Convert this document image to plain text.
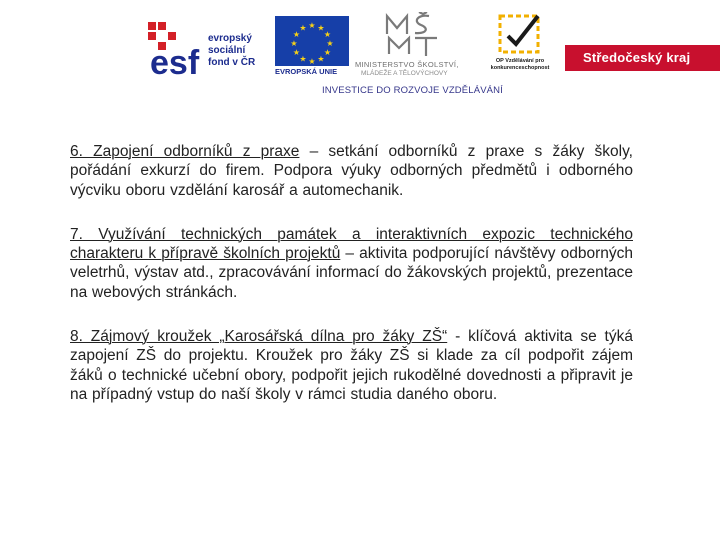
esf
evropský
sociální
fond v ČR
★ ★
★
★
★
★
★
★
★
★
★
★
EVROPSKÁ UNIE
MINISTERSTVO ŠKOLSTVÍ,
MLÁDEŽE A TĚLOVÝCHOVY
OP Vzdělávání pro konkurenceschopnost
Středočeský kraj
INVESTICE DO ROZVOJE VZDĚLÁVÁNÍ

6. Zapojení odborníků z praxe – setkání odborníků z praxe s žáky školy, pořádání exkurzí do firem. Podpora výuky odborných předmětů i odborného výcviku oboru vzdělání karosář a automechanik.

7. Využívání technických památek a interaktivních expozic technického charakteru k přípravě školních projektů – aktivita podporující návštěvy odborných veletrhů, výstav atd., zpracovávání informací do žákovských projektů, prezentace na webových stránkách.

8. Zájmový kroužek „Karosářská dílna pro žáky ZŠ“ - klíčová aktivita se týká zapojení ZŠ do projektu. Kroužek pro žáky ZŠ si klade za cíl podpořit zájem žáků o technické učební obory, podpořit jejich rukodělné dovednosti a připravit je na případný vstup do naší školy v rámci studia daného oboru.
